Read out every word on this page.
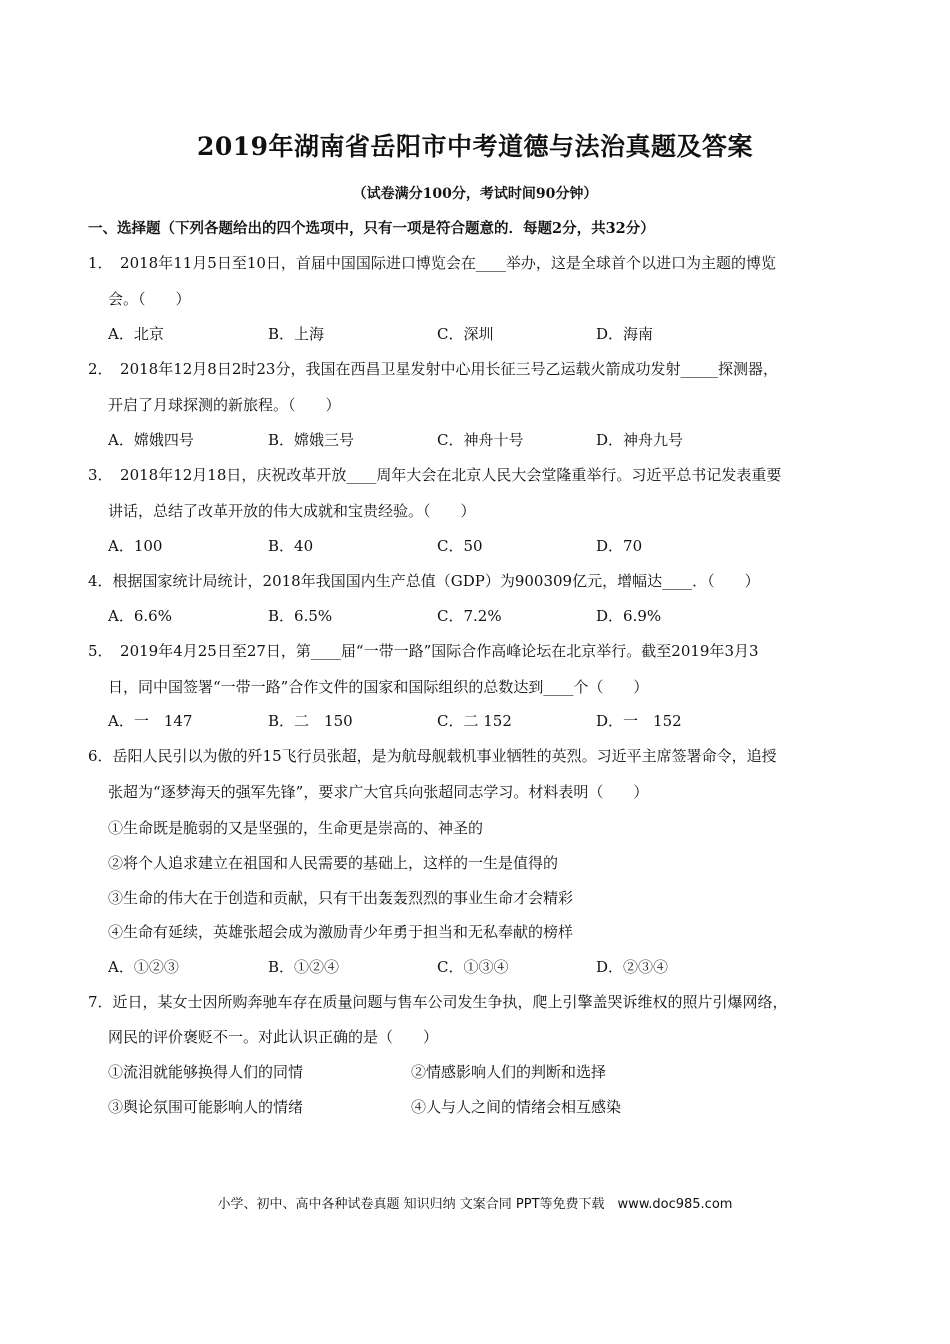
2019年湖南省岳阳市中考道德与法治真题及答案
（试卷满分100分，考试时间90分钟）
一、选择题（下列各题给出的四个选项中，只有一项是符合题意的．每题2分，共32分）
1．　2018年11月5日至10日，首届中国国际进口博览会在____举办，这是全球首个以进口为主题的博览
会。（　　）
A．北京	B．上海	C．深圳	D．海南
2．　2018年12月8日2时23分，我国在西昌卫星发射中心用长征三号乙运载火箭成功发射_____探测器，
开启了月球探测的新旅程。（　　）
A．嫦娥四号	B．嫦娥三号	C．神舟十号	D．神舟九号
3．　2018年12月18日，庆祝改革开放____周年大会在北京人民大会堂隆重举行。习近平总书记发表重要
讲话，总结了改革开放的伟大成就和宝贵经验。（　　）
A．100	B．40	C．50	D．70
4．根据国家统计局统计，2018年我国国内生产总值（GDP）为900309亿元，增幅达____．（　　）
A．6.6%	B．6.5%	C．7.2%	D．6.9%
5．　2019年4月25日至27日，第____届“一带一路”国际合作高峰论坛在北京举行。截至2019年3月3
日，同中国签署“一带一路”合作文件的国家和国际组织的总数达到____个（　　）
A．一　147	B．二　150	C．二 152	D．一　152
6．岳阳人民引以为傲的歼15飞行员张超，是为航母舰载机事业牺牲的英烈。习近平主席签署命令，追授
张超为“逐梦海天的强军先锋”，要求广大官兵向张超同志学习。材料表明（　　）
①生命既是脆弱的又是坚强的，生命更是崇高的、神圣的
②将个人追求建立在祖国和人民需要的基础上，这样的一生是值得的
③生命的伟大在于创造和贡献，只有干出轰轰烈烈的事业生命才会精彩
④生命有延续，英雄张超会成为激励青少年勇于担当和无私奉献的榜样
A．①②③	B．①②④	C．①③④	D．②③④
7．近日，某女士因所购奔驰车存在质量问题与售车公司发生争执，爬上引擎盖哭诉维权的照片引爆网络，
网民的评价褒贬不一。对此认识正确的是（　　）
①流泪就能够换得人们的同情	②情感影响人们的判断和选择
③舆论氛围可能影响人的情绪	④人与人之间的情绪会相互感染
小学、初中、高中各种试卷真题 知识归纳 文案合同 PPT等免费下载　www.doc985.com
